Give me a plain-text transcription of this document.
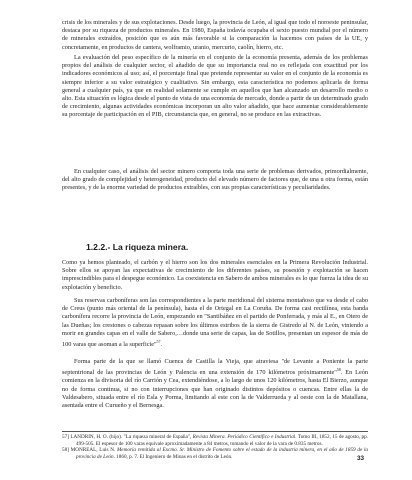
crisis de los minerales y de sus explotaciones. Desde luego, la provincia de León, al igual que todo el noroeste peninsular, destaca por su riqueza de productos minerales. En 1980, España todavía ocupaba el sexto puesto mundial por el número de minerales extraídos, posición que es aún más favorable si la comparación la hacemos con países de la UE, y concretamente, en productos de cantera, wolframio, uranio, mercurio, caolín, hierro, etc.

La evaluación del peso específico de la minería en el conjunto de la economía presenta, además de los problemas propios del análisis de cualquier sector, el añadido de que su importancia real no es reflejada con exactitud por los indicadores económicos al uso; así, el porcentaje final que pretende representar su valor en el conjunto de la economía es siempre inferior a su valor estratégico y cualitativo. Sin embargo, esta característica no podemos aplicarla de forma general a cualquier país, ya que en realidad solamente se cumple en aquellos que han alcanzado un desarrollo medio o alto. Esta situación es lógica desde el punto de vista de una economía de mercado, donde a partir de un determinado grado de crecimiento, algunas actividades económicas incorporan un alto valor añadido, que hace aumentar considerablemente su porcentaje de participación en el PIB, circunstancia que, en general, no se produce en las extractivas.

En cualquier caso, el análisis del sector minero comporta toda una serie de problemas derivados, primordialmente, del alto grado de complejidad y heterogeneidad, producto del elevado número de factores que, de una u otra forma, están presentes, y de la enorme variedad de productos extraíbles, con sus propias características y peculiaridades.

1.2.2.- La riqueza minera.

Como ya hemos planteado, el carbón y el hierro son los dos minerales esenciales en la Primera Revolución Industrial. Sobre ellos se apoyan las expectativas de crecimiento de los diferentes países, su posesión y explotación se hacen imprescindibles para el despegue económico. La coexistencia en Sabero de ambos minerales es lo que fuerza la idea de su explotación y beneficio.

Sus reservas carboníferas son las correspondientes a la parte meridional del sistema montañoso que va desde el cabo de Creus (punto más oriental de la península), hasta el de Ortegal en La Coruña. De forma casi rectilínea, esta banda carbonífera recorre la provincia de León, empezando en "Santibáñez en el partido de Ponferrada, y más al E., en Otero de las Dueñas; los crestones o cabezas repasan sobre los últimos estribos de la sierra de Gistredo al N. de León, viniendo a morir en grandes capas en el valle de Sabero,…donde una serie de capas, las de Sotillos, presentan un espesor de más de 100 varas que asoman a la superficie"$^{57}$.

Forma parte de la que se llamó Cuenca de Castilla la Vieja, que atraviesa "de Levante a Poniente la parte septentrional de las provincias de León y Palencia en una extensión de 170 kilómetros próximamente"$^{58}$. En León comienza en la divisoria del río Carrión y Cea, extendiéndose, a lo largo de unos 120 kilómetros, hasta El Bierzo, aunque no de forma continua, si no con interrupciones que han originado distintos depósitos o cuencas. Entre ellas la de Valdesabero, situada entre el río Esla y Porma, limitando al este con la de Valderrueda y al oeste con la de Matallana, asentada entre el Curueño y el Bernesga.

57] LANDRIN, H. O. (hijo). "La riqueza mineral de España", Revista Minera. Periódico Científico e Industrial. Tomo III, 1852, 15 de agosto, pp. 499-505. El espesor de 100 varas equivale aproximadamente a 84 metros, tomando el valor de la vara de 0.835 metros.

58] MONREAL, Luis N. Memoria remitida al Excmo. Sr. Ministro de Fomento sobre el estado de la industria minera, en el año de 1859 de la provincia de León. 1860, p. 7. El Ingeniero de Minas en el distrito de León.	33
